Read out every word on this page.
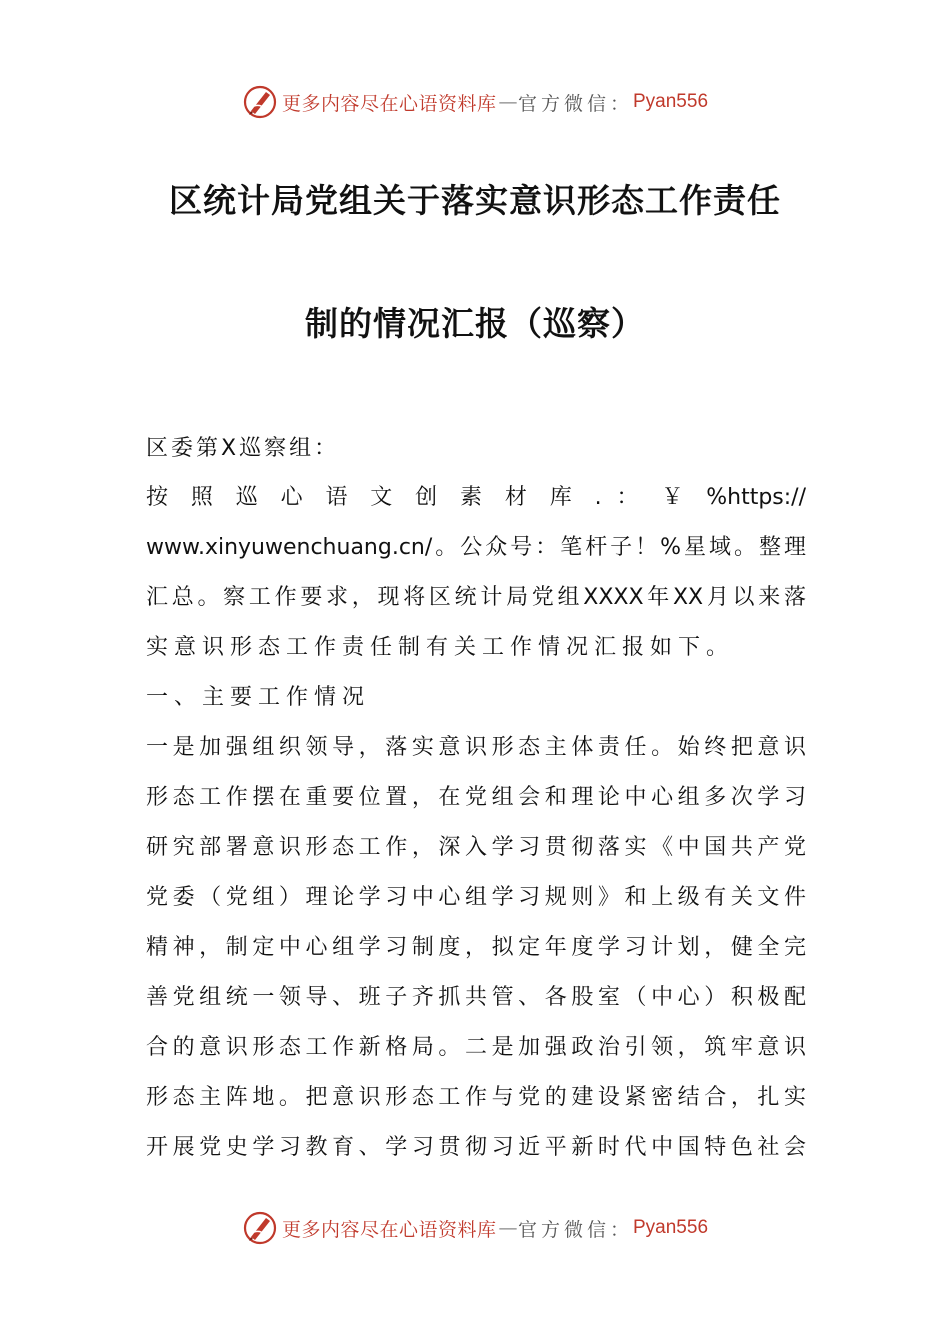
更多内容尽在心语资料库 — 官方微信： Pyan556
区统计局党组关于落实意识形态工作责任
制的情况汇报（巡察）
区委第X巡察组：
按 照 巡 心 语 文 创 素 材 库 . ： ￥ %https://
www.xinyuwenchuang.cn/。公众号：笔杆子！%星域。整理
汇总。察工作要求，现将区统计局党组XXXX年XX月以来落
实意识形态工作责任制有关工作情况汇报如下。
一、主要工作情况
一是加强组织领导，落实意识形态主体责任。始终把意识
形态工作摆在重要位置，在党组会和理论中心组多次学习
研究部署意识形态工作，深入学习贯彻落实《中国共产党
党委（党组）理论学习中心组学习规则》和上级有关文件
精神，制定中心组学习制度，拟定年度学习计划，健全完
善党组统一领导、班子齐抓共管、各股室（中心）积极配
合的意识形态工作新格局。二是加强政治引领，筑牢意识
形态主阵地。把意识形态工作与党的建设紧密结合，扎实
开展党史学习教育、学习贯彻习近平新时代中国特色社会
更多内容尽在心语资料库 — 官方微信： Pyan556
